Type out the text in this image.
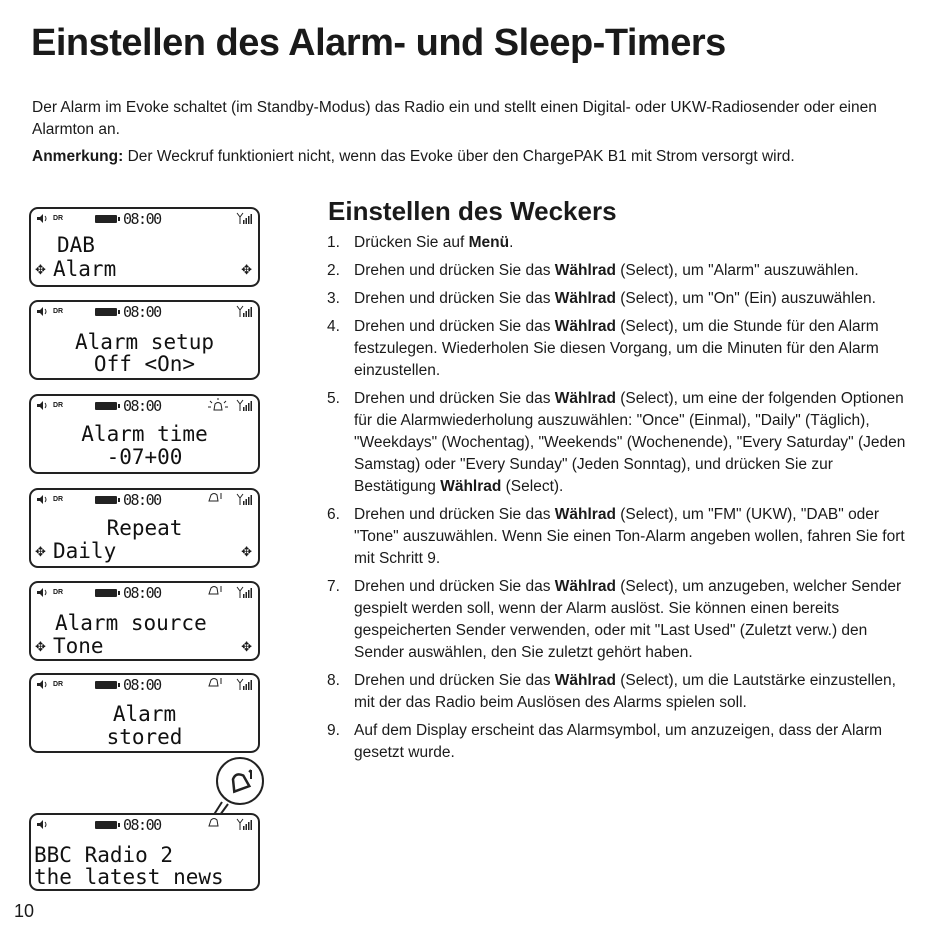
Einstellen des Alarm- und Sleep-Timers

Der Alarm im Evoke schaltet (im Standby-Modus) das Radio ein und stellt einen Digital- oder UKW-Radiosender oder einen Alarmton an.

Anmerkung: Der Weckruf funktioniert nicht, wenn das Evoke über den ChargePAK B1 mit Strom versorgt wird.

DR	08:00
DAB
Alarm
✥	✥
DR	08:00
Alarm setup
Off <On>
DR	08:00
Alarm time
-07+00
DR	08:00
Repeat
Daily
✥	✥
DR	08:00
Alarm source
Tone
✥	✥
DR	08:00
Alarm
stored
08:00
BBC Radio 2
the latest news
Einstellen des Weckers
1. Drücken Sie auf Menü.
2. Drehen und drücken Sie das Wählrad (Select), um "Alarm" auszuwählen.
3. Drehen und drücken Sie das Wählrad (Select), um "On" (Ein) auszuwählen.
4. Drehen und drücken Sie das Wählrad (Select), um die Stunde für den Alarm festzulegen. Wiederholen Sie diesen Vorgang, um die Minuten für den Alarm einzustellen.
5. Drehen und drücken Sie das Wählrad (Select), um eine der folgenden Optionen für die Alarmwiederholung auszuwählen: "Once" (Einmal), "Daily" (Täglich), "Weekdays" (Wochentag), "Weekends" (Wochenende), "Every Saturday" (Jeden Samstag) oder "Every Sunday" (Jeden Sonntag), und drücken Sie zur Bestätigung Wählrad (Select).
6. Drehen und drücken Sie das Wählrad (Select), um "FM" (UKW), "DAB" oder "Tone" auszuwählen. Wenn Sie einen Ton-Alarm angeben wollen, fahren Sie fort mit Schritt 9.
7. Drehen und drücken Sie das Wählrad (Select), um anzugeben, welcher Sender gespielt werden soll, wenn der Alarm auslöst. Sie können einen bereits gespeicherten Sender verwenden, oder mit "Last Used" (Zuletzt verw.) den Sender auswählen, den Sie zuletzt gehört haben.
8. Drehen und drücken Sie das Wählrad (Select), um die Lautstärke einzustellen, mit der das Radio beim Auslösen des Alarms spielen soll.
9. Auf dem Display erscheint das Alarmsymbol, um anzuzeigen, dass der Alarm gesetzt wurde.
10
